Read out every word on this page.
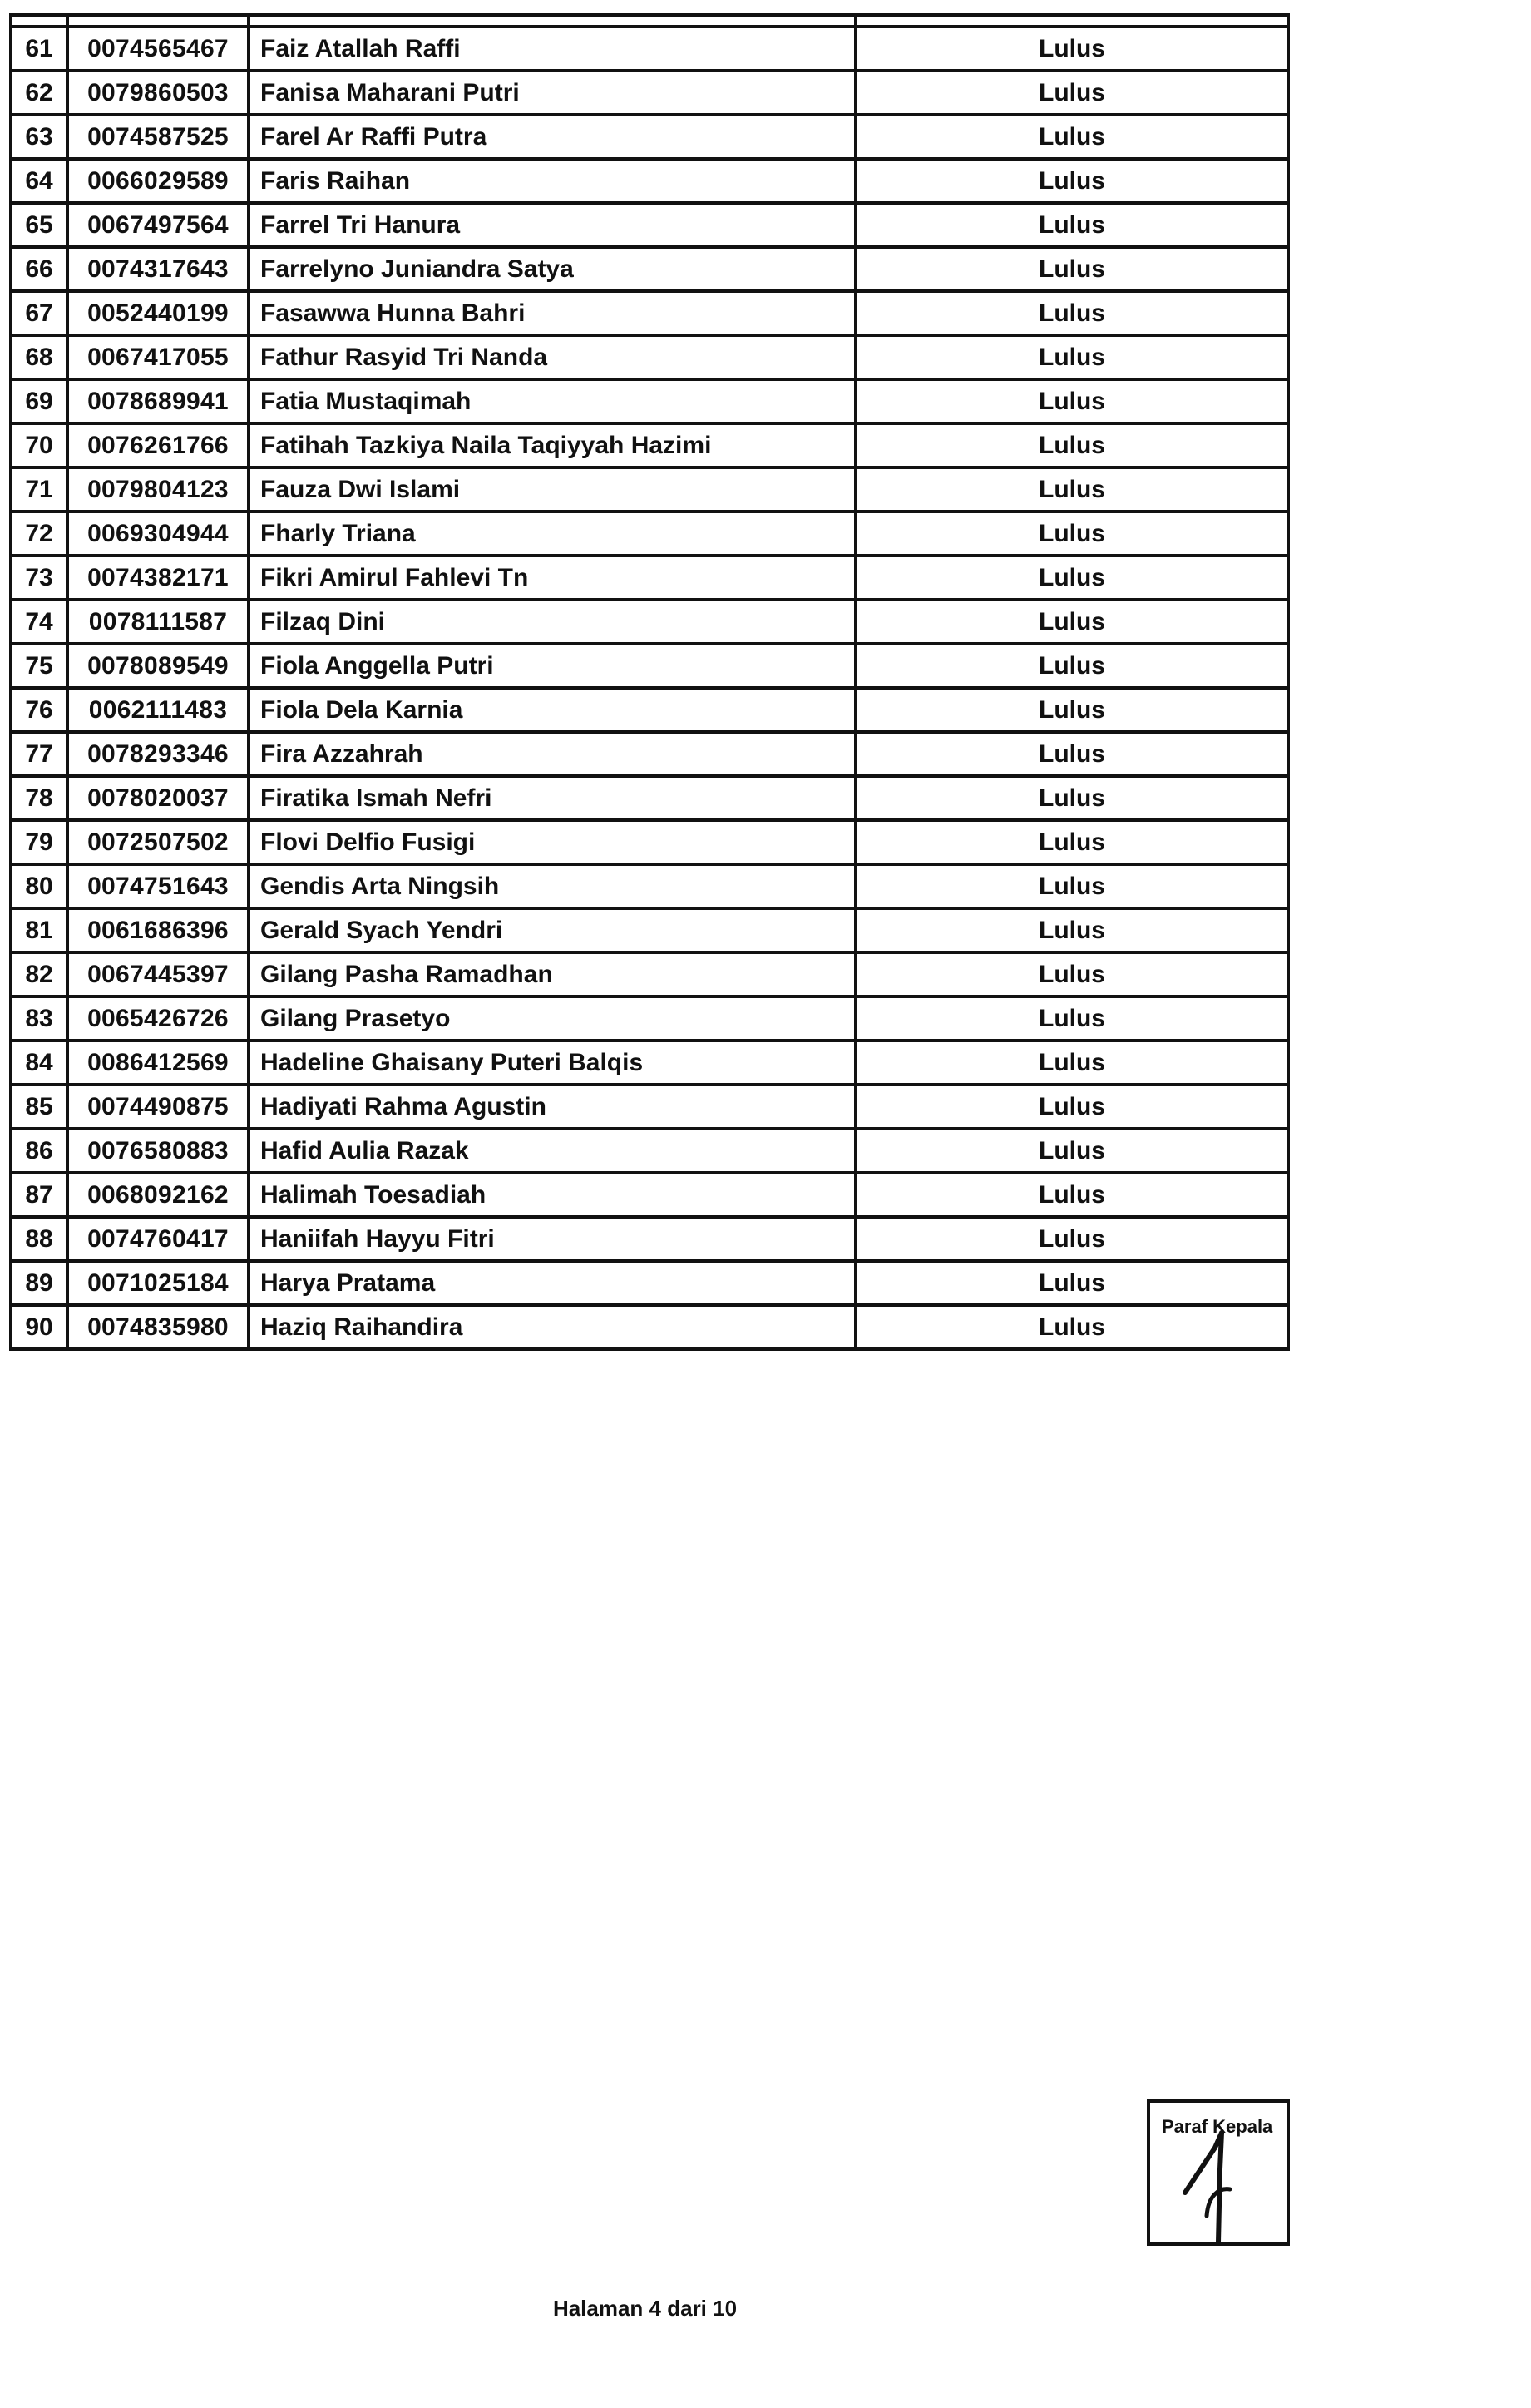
61	0074565467	Faiz Atallah Raffi	Lulus
62	0079860503	Fanisa Maharani Putri	Lulus
63	0074587525	Farel Ar Raffi Putra	Lulus
64	0066029589	Faris Raihan	Lulus
65	0067497564	Farrel Tri Hanura	Lulus
66	0074317643	Farrelyno Juniandra Satya	Lulus
67	0052440199	Fasawwa Hunna Bahri	Lulus
68	0067417055	Fathur Rasyid Tri Nanda	Lulus
69	0078689941	Fatia Mustaqimah	Lulus
70	0076261766	Fatihah Tazkiya Naila Taqiyyah Hazimi	Lulus
71	0079804123	Fauza Dwi Islami	Lulus
72	0069304944	Fharly Triana	Lulus
73	0074382171	Fikri Amirul Fahlevi Tn	Lulus
74	0078111587	Filzaq Dini	Lulus
75	0078089549	Fiola Anggella Putri	Lulus
76	0062111483	Fiola Dela Karnia	Lulus
77	0078293346	Fira Azzahrah	Lulus
78	0078020037	Firatika Ismah Nefri	Lulus
79	0072507502	Flovi Delfio Fusigi	Lulus
80	0074751643	Gendis Arta Ningsih	Lulus
81	0061686396	Gerald Syach Yendri	Lulus
82	0067445397	Gilang Pasha Ramadhan	Lulus
83	0065426726	Gilang Prasetyo	Lulus
84	0086412569	Hadeline Ghaisany Puteri Balqis	Lulus
85	0074490875	Hadiyati Rahma Agustin	Lulus
86	0076580883	Hafid Aulia Razak	Lulus
87	0068092162	Halimah Toesadiah	Lulus
88	0074760417	Haniifah Hayyu Fitri	Lulus
89	0071025184	Harya Pratama	Lulus
90	0074835980	Haziq Raihandira	Lulus
Paraf Kepala
Halaman 4 dari 10
